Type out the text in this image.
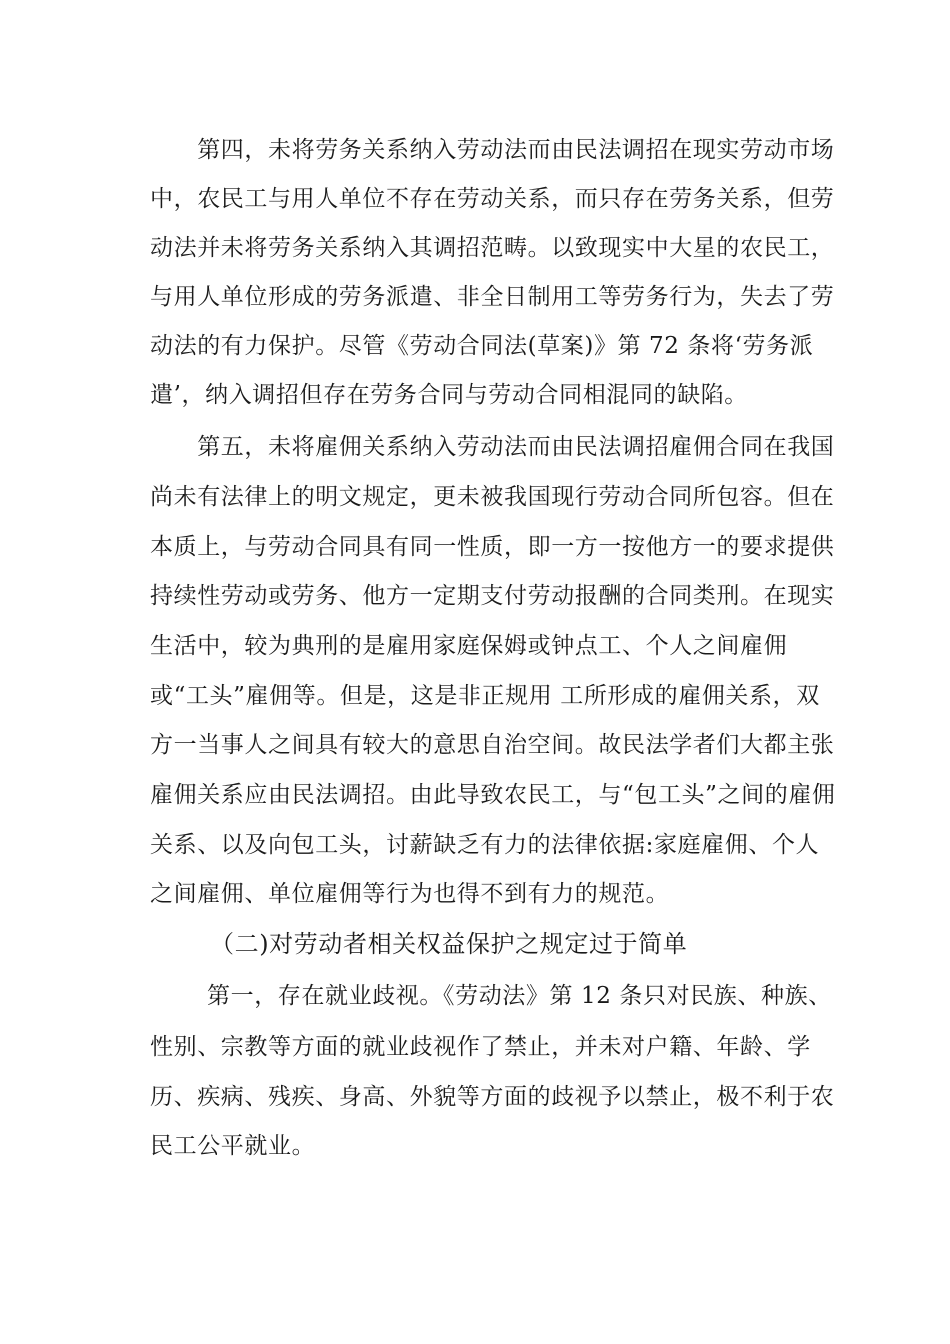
　　第四，未将劳务关系纳入劳动法而由民法调招在现实劳动市场
中，农民工与用人单位不存在劳动关系，而只存在劳务关系，但劳
动法并未将劳务关系纳入其调招范畴。以致现实中大星的农民工，
与用人单位形成的劳务派遣、非全日制用工等劳务行为，失去了劳
动法的有力保护。尽管《劳动合同法(草案)》第 72 条将‘劳务派
遣’，纳入调招但存在劳务合同与劳动合同相混同的缺陷。
　　第五，未将雇佣关系纳入劳动法而由民法调招雇佣合同在我国
尚未有法律上的明文规定，更未被我国现行劳动合同所包容。但在
本质上，与劳动合同具有同一性质，即一方一按他方一的要求提供
持续性劳动或劳务、他方一定期支付劳动报酬的合同类刑。在现实
生活中，较为典刑的是雇用家庭保姆或钟点工、个人之间雇佣
或“工头”雇佣等。但是，这是非正规用 工所形成的雇佣关系，双
方一当事人之间具有较大的意思自治空间。故民法学者们大都主张
雇佣关系应由民法调招。由此导致农民工，与“包工头”之间的雇佣
关系、以及向包工头，讨薪缺乏有力的法律依据:家庭雇佣、个人
之间雇佣、单位雇佣等行为也得不到有力的规范。
（二)对劳动者相关权益保护之规定过于简单
第一，存在就业歧视。《劳动法》第 12 条只对民族、种族、
性别、宗教等方面的就业歧视作了禁止，并未对户籍、年龄、学
历、疾病、残疾、身高、外貌等方面的歧视予以禁止，极不利于农
民工公平就业。
